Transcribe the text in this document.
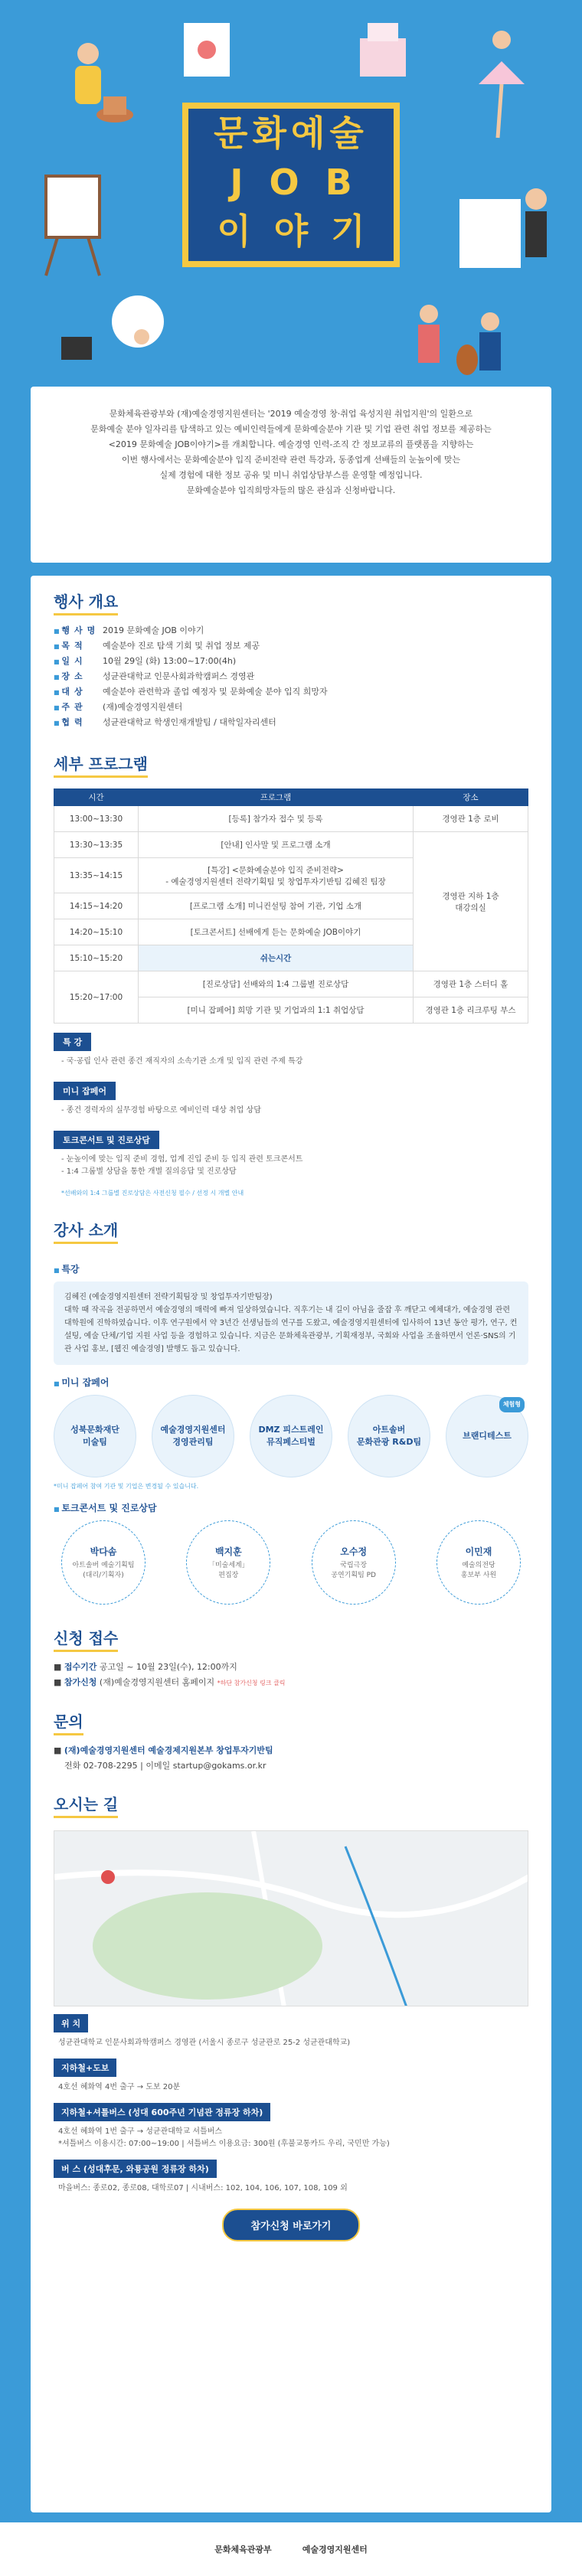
문화예술
JOB
이야기

문화체육관광부와 (재)예술경영지원센터는 '2019 예술경영 창·취업 육성지원 취업지원'의 일환으로

문화예술 분야 일자리를 탐색하고 있는 예비인력들에게 문화예술분야 기관 및 기업 관련 취업 정보를 제공하는

<2019 문화예술 JOB이야기>를 개최합니다. 예술경영 인력-조직 간 정보교류의 플랫폼을 지향하는

이번 행사에서는 문화예술분야 입직 준비전략 관련 특강과, 동종업계 선배들의 눈높이에 맞는

실제 경험에 대한 정보 공유 및 미니 취업상담부스를 운영할 예정입니다.

문화예술분야 입직희망자들의 많은 관심과 신청바랍니다.

행사 개요
■ 행사명 2019 문화예술 JOB 이야기
■ 목적	예술분야 진로 탐색 기회 및 취업 정보 제공
■ 일시	10월 29일 (화) 13:00~17:00(4h)
■ 장소	성균관대학교 인문사회과학캠퍼스 경영관
■ 대상	예술분야 관련학과 졸업 예정자 및 문화예술 분야 입직 희망자
■ 주관	(재)예술경영지원센터
■ 협력	성균관대학교 학생인재개발팀 / 대학일자리센터
세부 프로그램
시간	프로그램	장소
13:00~13:30	[등록] 참가자 접수 및 등록	경영관 1층 로비
13:30~13:35	[안내] 인사말 및 프로그램 소개	경영관 지하 1층
대강의실
13:35~14:15	[특강] <문화예술분야 입직 준비전략>
- 예술경영지원센터 전략기획팀 및 창업투자기반팀 김혜진 팀장	
14:15~14:20	[프로그램 소개] 미니컨설팅 참여 기관, 기업 소개	
14:20~15:10	[토크콘서트] 선배에게 듣는 문화예술 JOB이야기	
15:10~15:20	쉬는시간	
15:20~17:00	[진로상담] 선배와의 1:4 그룹별 진로상담	경영관 1층 스터디 홀
	[미니 잡페어] 희망 기관 및 기업과의 1:1 취업상담	경영관 1층 리크루팅 부스
특 강
- 국·공립 인사 관련 종건 재직자의 소속기관 소개 및 입직 관련 주제 특강
미니 잡페어
- 종건 경력자의 실무경험 바탕으로 예비인력 대상 취업 상담
토크콘서트 및 진로상담
- 눈높이에 맞는 입직 준비 경험, 업계 진입 준비 등 입직 관련 토크콘서트
- 1:4 그룹별 상담을 통한 개별 질의응답 및 진로상담
*선배와의 1:4 그룹별 진로상담은 사전신청 필수 / 선정 시 개별 안내
강사 소개
■ 특강
김혜진 (예술경영지원센터 전략기획팀장 및 창업투자기반팀장)
대학 때 작곡을 전공하면서 예술경영의 매력에 빠져 일상하였습니다. 직후기는 내 길이 아님을 줄잡 후 깨닫고 예체대가, 예술경영 관련 대학원에 진학하였습니다. 이후 연구원에서 약 3년간 선생님들의 연구를 도왔고, 예술경영지원센터에 입사하여 13년 동안 평가, 연구, 컨설팅, 예술 단체/기업 지원 사업 등을 경험하고 있습니다. 지금은 문화체육관광부, 기획재정부, 국회와 사업을 조율하면서 언론·SNS의 기관 사업 홍보, [웹진 예술경영] 발행도 돕고 있습니다.
■ 미니 잡페어
성북문화재단
미술팀
예술경영지원센터
경영관리팀
DMZ 피스트레인
뮤직페스티벌
아트솔버
문화관광 R&D팀
체험형
브랜디테스트
*미니 잡페어 참여 기관 및 기업은 변경될 수 있습니다.
■ 토크콘서트 및 진로상담
박다솜
아트솔버 예술기획팀
(대리/기획자)
백지훈
「미술세계」
편집장
오수정
국립극장
공연기획팀 PD
이민재
예술의전당
홍보부 사원
신청 접수
■ 접수기간 공고일 ~ 10월 23일(수), 12:00까지
■ 참가신청 (재)예술경영지원센터 홈페이지 *하단 참가신청 링크 클릭
문의
■ (재)예술경영지원센터 예술경제지원본부 창업투자기반팀
전화 02-708-2295 | 이메일 startup@gokams.or.kr
오시는 길
위 치
성균관대학교 인문사회과학캠퍼스 경영관 (서울시 종로구 성균관로 25-2 성균관대학교)
지하철+도보
4호선 혜화역 4번 출구 → 도보 20분
지하철+셔틀버스 (성대 600주년 기념관 정류장 하차)
4호선 혜화역 1번 출구 → 성균관대학교 셔틀버스
*셔틀버스 이용시간: 07:00~19:00 | 셔틀버스 이용요금: 300원 (후불교통카드 우리, 국민만 가능)
버 스 (성대후문, 와룡공원 정류장 하차)
마을버스: 종로02, 종로08, 대학로07 | 시내버스: 102, 104, 106, 107, 108, 109 외
참가신청 바로가기
문화체육관광부	예술경영지원센터
